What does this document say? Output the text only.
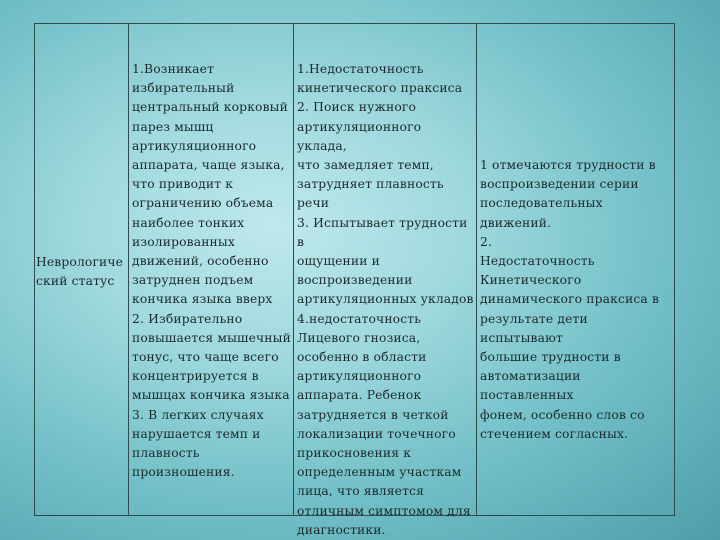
Неврологиче
ский статус
1.Возникает
избирательный
центральный корковый
парез мышц
артикуляционного
аппарата, чаще языка,
что приводит к
ограничению объема
наиболее тонких
изолированных
движений, особенно
затруднен подъем
кончика языка вверх
2. Избирательно
повышается мышечный
тонус, что чаще всего
концентрируется в
мышцах кончика языка
3. В легких случаях
нарушается темп и
плавность
произношения.
1.Недостаточность
кинетического праксиса
2. Поиск нужного
артикуляционного уклада,
что замедляет темп,
затрудняет плавность речи
3. Испытывает трудности в
ощущении и
воспроизведении
артикуляционных укладов
4.недостаточность
Лицевого гнозиса,
особенно в области
артикуляционного
аппарата. Ребенок
затрудняется в четкой
локализации точечного
прикосновения к
определенным участкам
лица, что является
отличным симптомом для
диагностики.
1 отмечаются трудности в
воспроизведении серии
последовательных движений.
2.
Недостаточность
Кинетического
динамического праксиса в
результате дети испытывают
большие трудности в
автоматизации поставленных
фонем, особенно слов со
стечением согласных.
